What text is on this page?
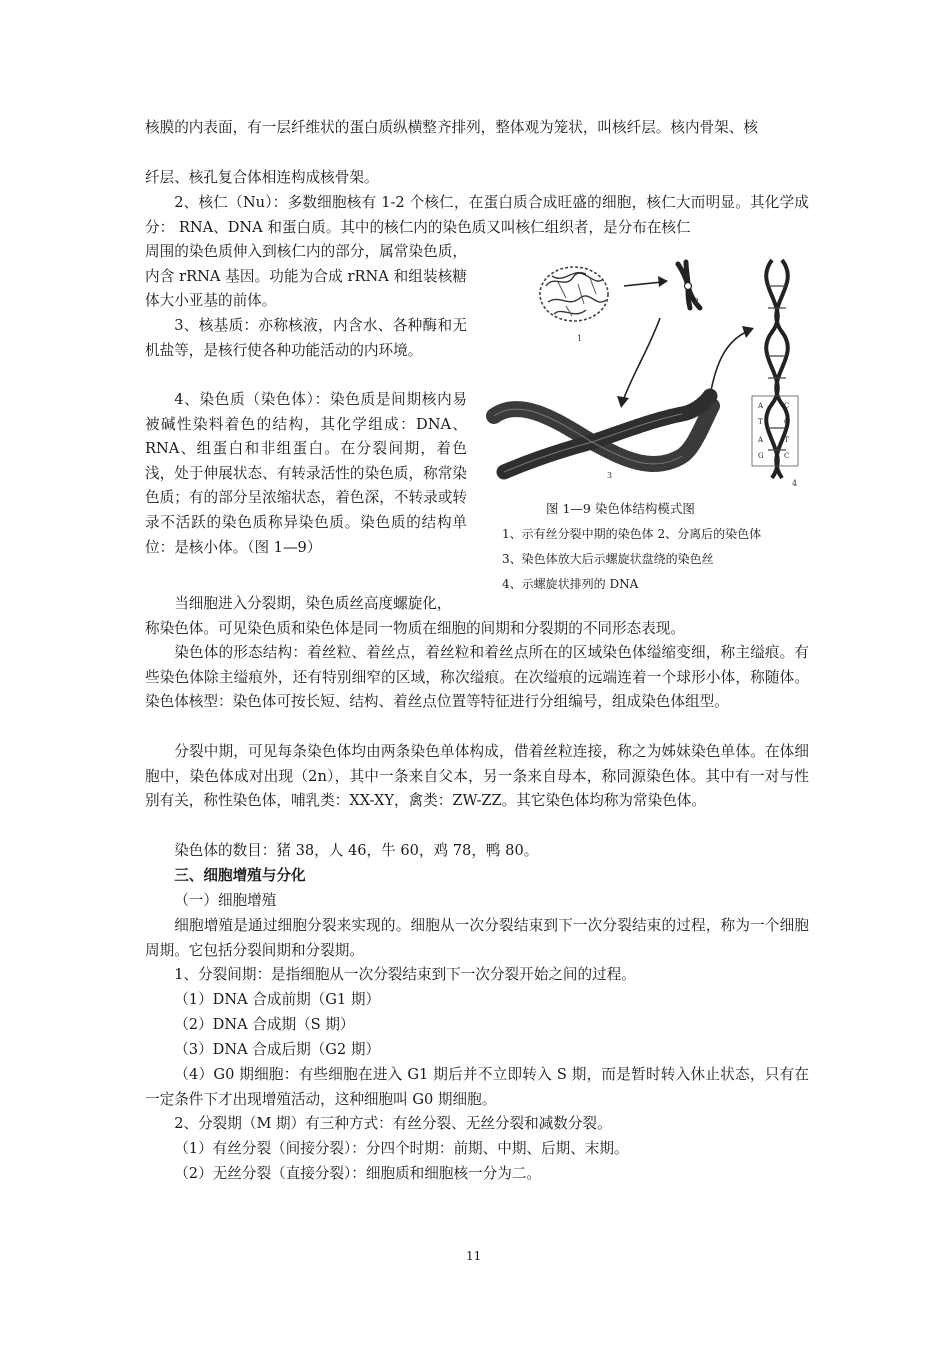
核膜的内表面，有一层纤维状的蛋白质纵横整齐排列，整体观为笼状，叫核纤层。核内骨架、核

纤层、核孔复合体相连构成核骨架。

2、核仁（Nu）：多数细胞核有 1-2 个核仁，在蛋白质合成旺盛的细胞，核仁大而明显。其化学成分： RNA、DNA 和蛋白质。其中的核仁内的染色质又叫核仁组织者，是分布在核仁

周围的染色质伸入到核仁内的部分，属常染色质，内含 rRNA 基因。功能为合成 rRNA 和组装核糖体大小亚基的前体。

3、核基质：亦称核液，内含水、各种酶和无机盐等，是核行使各种功能活动的内环境。

4、染色质（染色体）：染色质是间期核内易被碱性染料着色的结构，其化学组成：DNA、RNA、组蛋白和非组蛋白。在分裂间期，着色浅，处于伸展状态、有转录活性的染色质，称常染色质；有的部分呈浓缩状态，着色深，不转录或转录不活跃的染色质称异染色质。染色质的结构单位：是核小体。（图 1—9）

当细胞进入分裂期，染色质丝高度螺旋化，

称染色体。可见染色质和染色体是同一物质在细胞的间期和分裂期的不同形态表现。

染色体的形态结构：着丝粒、着丝点，着丝粒和着丝点所在的区域染色体缢缩变细，称主缢痕。有些染色体除主缢痕外，还有特别细窄的区域，称次缢痕。在次缢痕的远端连着一个球形小体，称随体。染色体核型：染色体可按长短、结构、着丝点位置等特征进行分组编号，组成染色体组型。

分裂中期，可见每条染色体均由两条染色单体构成，借着丝粒连接，称之为姊妹染色单体。在体细胞中，染色体成对出现（2n），其中一条来自父本，另一条来自母本，称同源染色体。其中有一对与性别有关，称性染色体，哺乳类：XX-XY，禽类：ZW-ZZ。其它染色体均称为常染色体。

染色体的数目：猪 38，人 46，牛 60，鸡 78，鸭 80。

三、细胞增殖与分化

（一）细胞增殖

细胞增殖是通过细胞分裂来实现的。细胞从一次分裂结束到下一次分裂结束的过程，称为一个细胞周期。它包括分裂间期和分裂期。

1、分裂间期：是指细胞从一次分裂结束到下一次分裂开始之间的过程。

（1）DNA 合成前期（G1 期）

（2）DNA 合成期（S 期）

（3）DNA 合成后期（G2 期）

（4）G0 期细胞：有些细胞在进入 G1 期后并不立即转入 S 期，而是暂时转入休止状态，只有在一定条件下才出现增殖活动，这种细胞叫 G0 期细胞。

2、分裂期（M 期）有三种方式：有丝分裂、无丝分裂和减数分裂。

（1）有丝分裂（间接分裂）：分四个时期：前期、中期、后期、末期。

（2）无丝分裂（直接分裂）：细胞质和细胞核一分为二。

1
2
3
A	C
T	G
A	T
G	C
4
图 1—9 染色体结构模式图
1、示有丝分裂中期的染色体 2、分离后的染色体
3、染色体放大后示螺旋状盘绕的染色丝
4、示螺旋状排列的 DNA
11
